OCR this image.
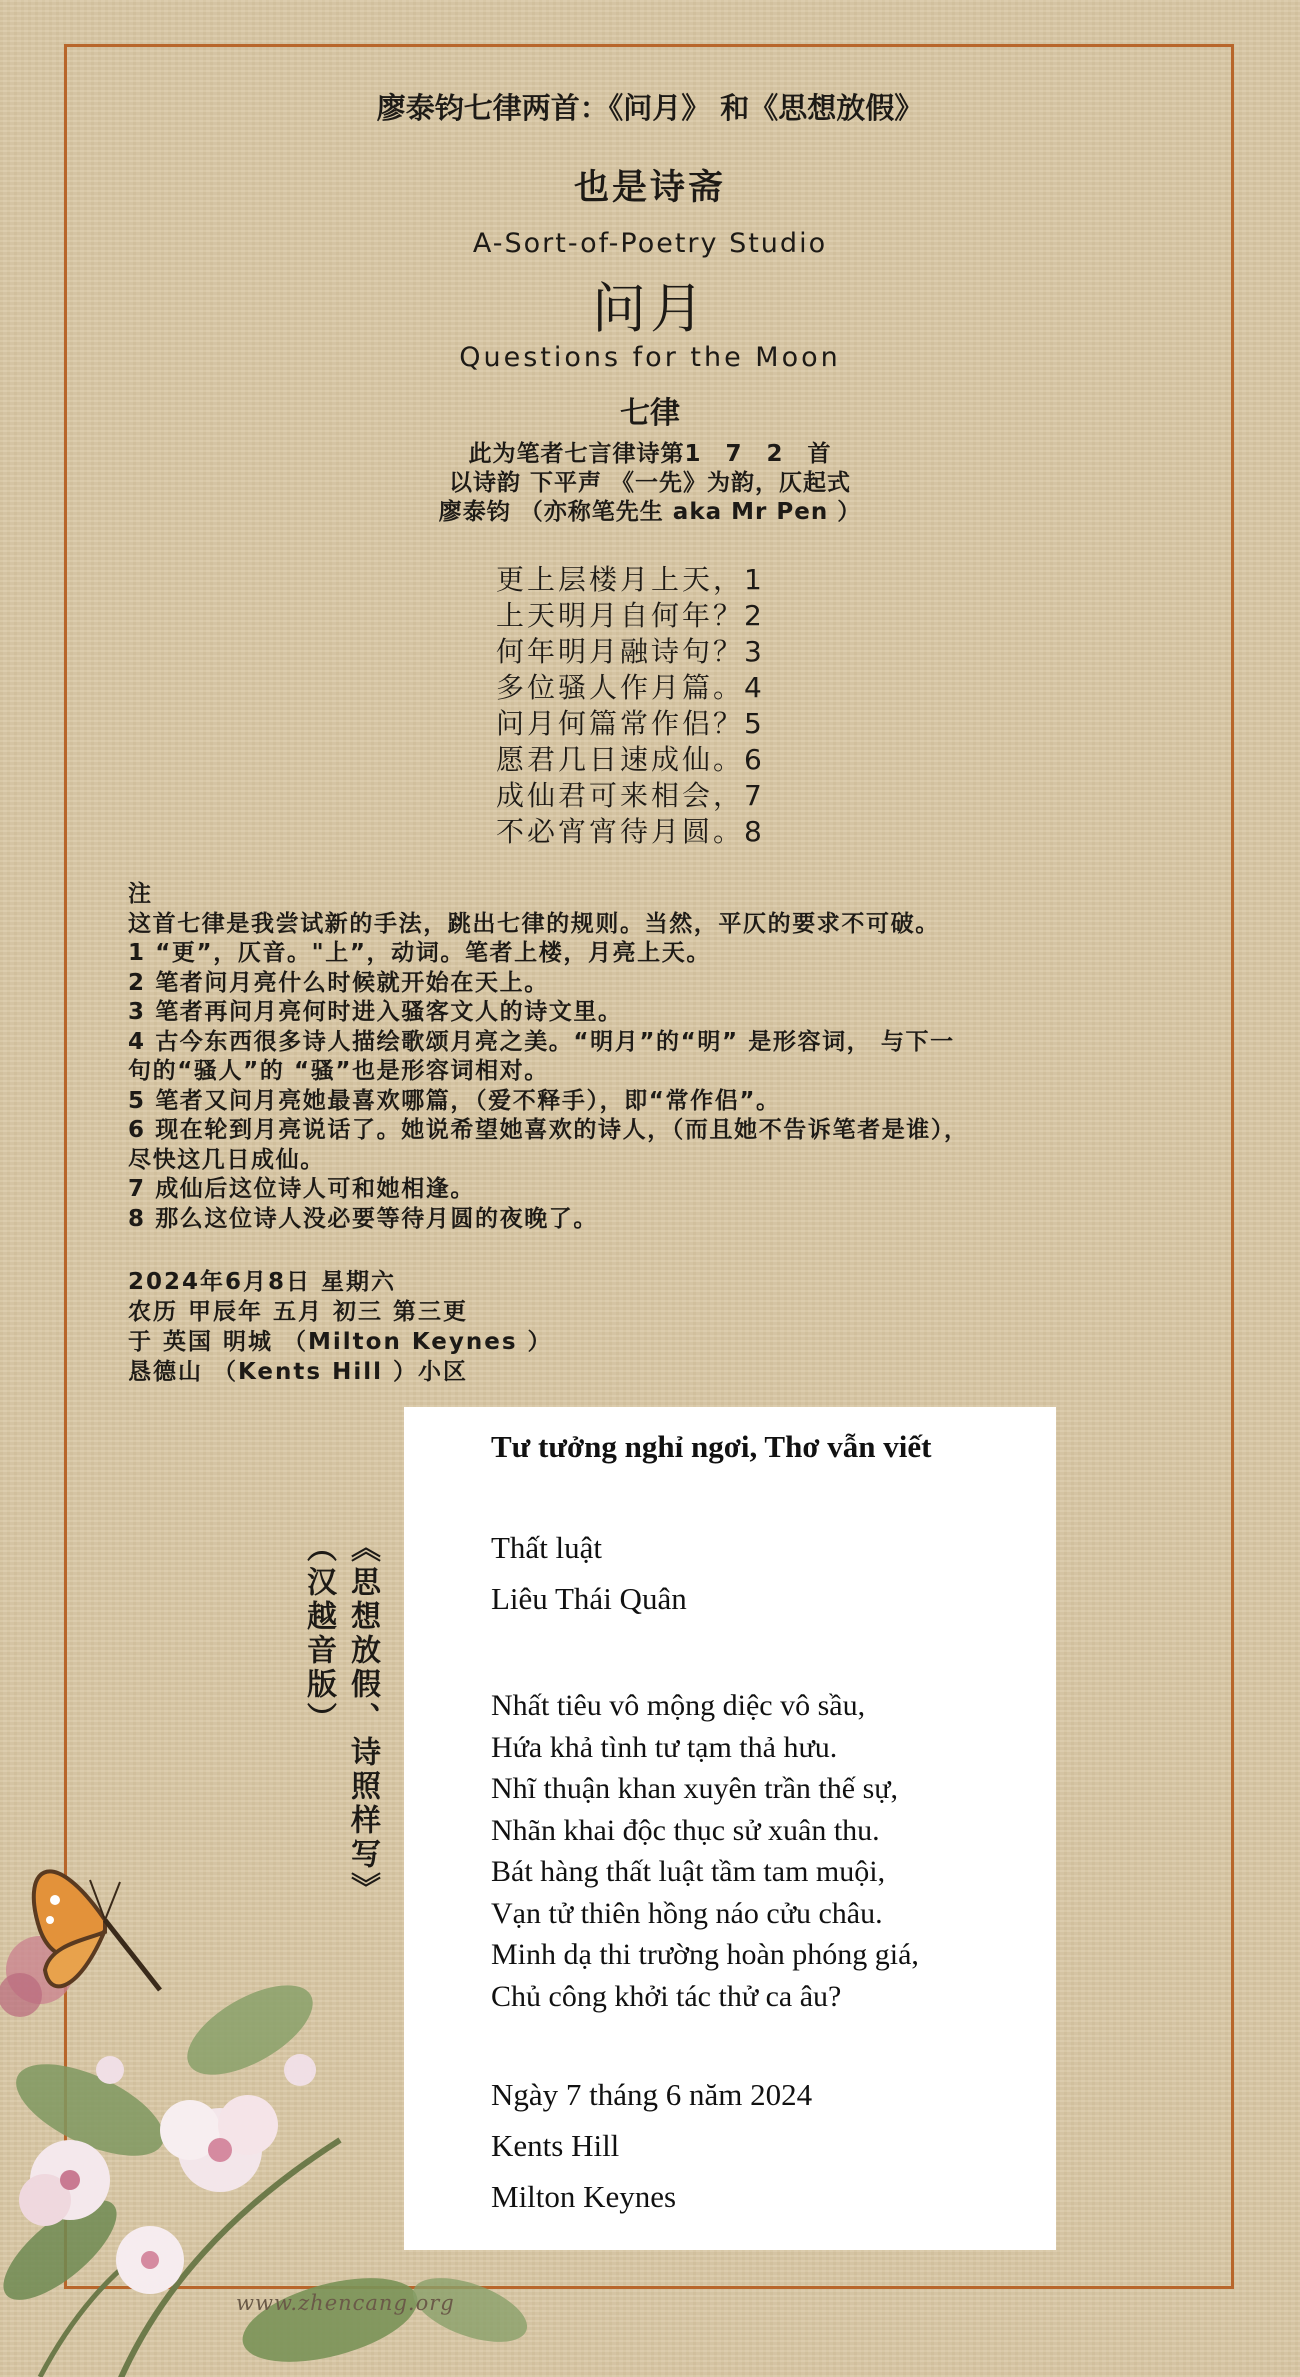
廖泰钧七律两首：《问月》 和《思想放假》
也是诗斋
A-Sort-of-Poetry Studio
问月
Questions for the Moon
七律
此为笔者七言律诗第1　7　2　首
以诗韵 下平声 《一先》为韵，仄起式
廖泰钧 （亦称笔先生 aka Mr Pen ）
更上层楼月上天，1
上天明月自何年？2
何年明月融诗句？3
多位骚人作月篇。4
问月何篇常作侣？5
愿君几日速成仙。6
成仙君可来相会，7
不必宵宵待月圆。8
注
这首七律是我尝试新的手法，跳出七律的规则。当然，平仄的要求不可破。
1 “更”，仄音。"上”，动词。笔者上楼，月亮上天。
2 笔者问月亮什么时候就开始在天上。
3 笔者再问月亮何时进入骚客文人的诗文里。
4 古今东西很多诗人描绘歌颂月亮之美。“明月”的“明” 是形容词， 与下一
句的“骚人”的 “骚”也是形容词相对。
5 笔者又问月亮她最喜欢哪篇，（爱不释手），即“常作侣”。
6 现在轮到月亮说话了。她说希望她喜欢的诗人，（而且她不告诉笔者是谁），
尽快这几日成仙。
7 成仙后这位诗人可和她相逢。
8 那么这位诗人没必要等待月圆的夜晚了。
2024年6月8日 星期六
农历 甲辰年 五月 初三 第三更
于 英国 明城 （Milton Keynes ）
恳德山 （Kents Hill ）小区
《思想放假、诗照样写》
（汉越音版）
Tư tưởng nghỉ ngơi, Thơ vẫn viết
Thất luật
Liêu Thái Quân
Nhất tiêu vô mộng diệc vô sầu,
Hứa khả tình tư tạm thả hưu.
Nhĩ thuận khan xuyên trần thế sự,
Nhãn khai độc thục sử xuân thu.
Bát hàng thất luật tầm tam muội,
Vạn tử thiên hồng náo cửu châu.
Minh dạ thi trường hoàn phóng giá,
Chủ công khởi tác thử ca âu?
Ngày 7 tháng 6 năm 2024
Kents Hill
Milton Keynes
www.zhencang.org
